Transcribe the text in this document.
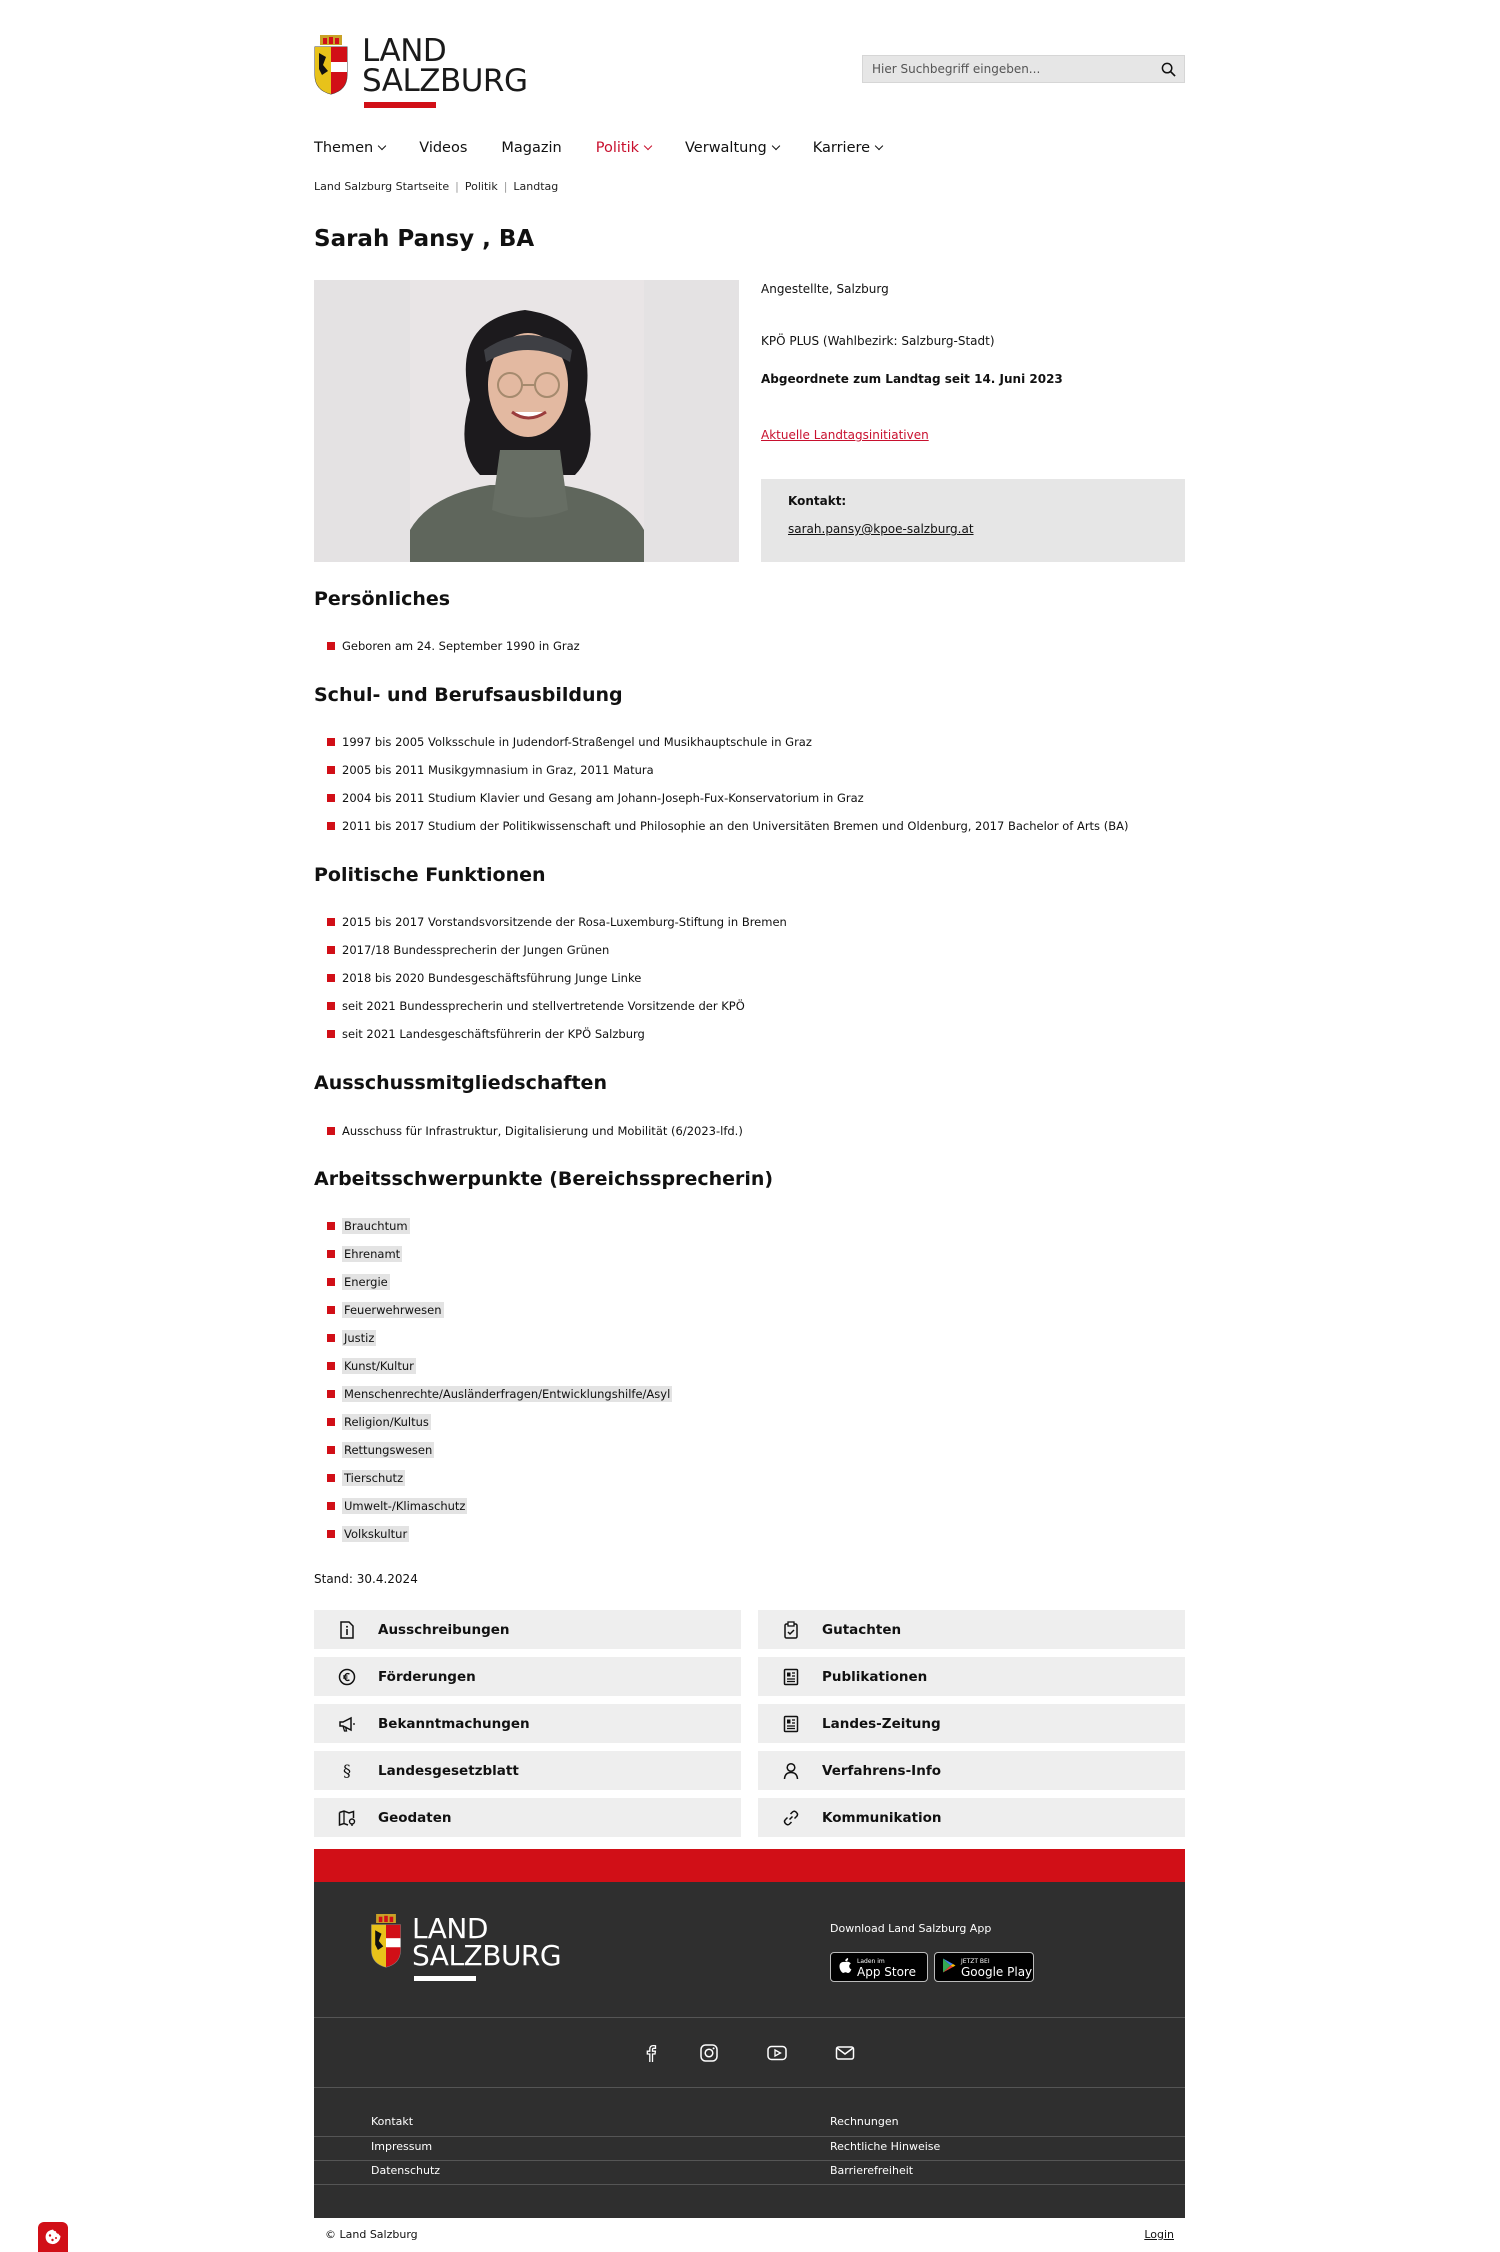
LAND
SALZBURG
Hier Suchbegriff eingeben...
Themen	Videos Magazin Politik	Verwaltung	Karriere
Land Salzburg Startseite | Politik | Landtag
Sarah Pansy , BA
Angestellte, Salzburg
KPÖ PLUS (Wahlbezirk: Salzburg-Stadt)
Abgeordnete zum Landtag seit 14. Juni 2023
Aktuelle Landtagsinitiativen
Kontakt:
sarah.pansy@kpoe-salzburg.at
Persönliches
Geboren am 24. September 1990 in Graz
Schul- und Berufsausbildung
1997 bis 2005 Volksschule in Judendorf-Straßengel und Musikhauptschule in Graz
2005 bis 2011 Musikgymnasium in Graz, 2011 Matura
2004 bis 2011 Studium Klavier und Gesang am Johann-Joseph-Fux-Konservatorium in Graz
2011 bis 2017 Studium der Politikwissenschaft und Philosophie an den Universitäten Bremen und Oldenburg, 2017 Bachelor of Arts (BA)
Politische Funktionen
2015 bis 2017 Vorstandsvorsitzende der Rosa-Luxemburg-Stiftung in Bremen
2017/18 Bundessprecherin der Jungen Grünen
2018 bis 2020 Bundesgeschäftsführung Junge Linke
seit 2021 Bundessprecherin und stellvertretende Vorsitzende der KPÖ
seit 2021 Landesgeschäftsführerin der KPÖ Salzburg
Ausschussmitgliedschaften
Ausschuss für Infrastruktur, Digitalisierung und Mobilität (6/2023-lfd.)
Arbeitsschwerpunkte (Bereichssprecherin)
Brauchtum
Ehrenamt
Energie
Feuerwehrwesen
Justiz
Kunst/Kultur
Menschenrechte/Ausländerfragen/Entwicklungshilfe/Asyl
Religion/Kultus
Rettungswesen
Tierschutz
Umwelt-/Klimaschutz
Volkskultur
Stand: 30.4.2024
Ausschreibungen	Gutachten
Förderungen	Publikationen
Bekanntmachungen	Landes-Zeitung
§	Landesgesetzblatt	Verfahrens-Info
Geodaten	Kommunikation
LAND
SALZBURG
Download Land Salzburg App
Laden im
App Store
JETZT BEI
Google Play
Kontakt	Rechnungen
Impressum	Rechtliche Hinweise
Datenschutz	Barrierefreiheit
© Land Salzburg	Login
